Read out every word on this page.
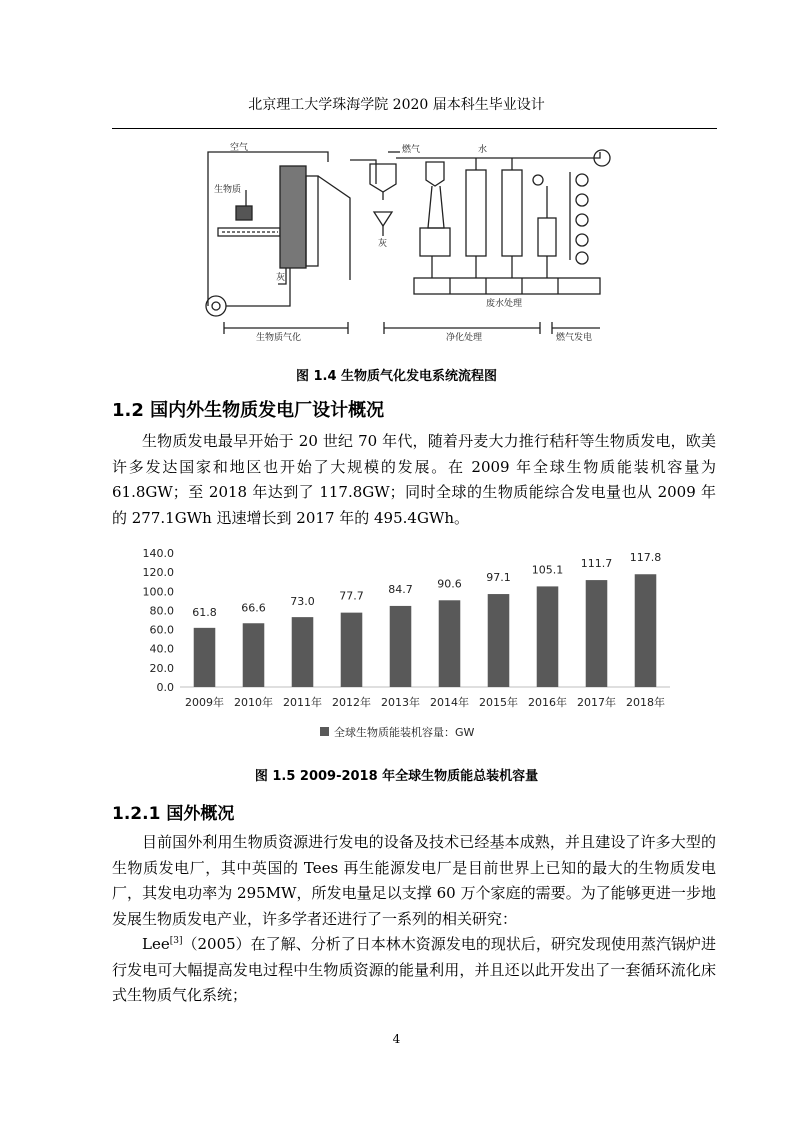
北京理工大学珠海学院 2020 届本科生毕业设计
空气
生物质
灰
灰
燃气	水
废水处理
生物质气化	净化处理	燃气发电
图 1.4 生物质气化发电系统流程图
1.2 国内外生物质发电厂设计概况

生物质发电最早开始于 20 世纪 70 年代，随着丹麦大力推行秸秆等生物质发电，欧美许多发达国家和地区也开始了大规模的发展。在 2009 年全球生物质能装机容量为 61.8GW；至 2018 年达到了 117.8GW；同时全球的生物质能综合发电量也从 2009 年的 277.1GWh 迅速增长到 2017 年的 495.4GWh。

0.0
20.0
40.0
60.0
80.0
100.0
120.0
140.0
61.8
2009年
66.6
2010年
73.0
2011年
77.7
2012年
84.7
2013年
90.6
2014年
97.1
2015年
105.1
2016年
111.7
2017年
117.8
2018年
全球生物质能装机容量：GW
图 1.5 2009-2018 年全球生物质能总装机容量
1.2.1 国外概况

目前国外利用生物质资源进行发电的设备及技术已经基本成熟，并且建设了许多大型的生物质发电厂，其中英国的 Tees 再生能源发电厂是目前世界上已知的最大的生物质发电厂，其发电功率为 295MW，所发电量足以支撑 60 万个家庭的需要。为了能够更进一步地发展生物质发电产业，许多学者还进行了一系列的相关研究：

Lee[3]（2005）在了解、分析了日本林木资源发电的现状后，研究发现使用蒸汽锅炉进行发电可大幅提高发电过程中生物质资源的能量利用，并且还以此开发出了一套循环流化床式生物质气化系统；

4
